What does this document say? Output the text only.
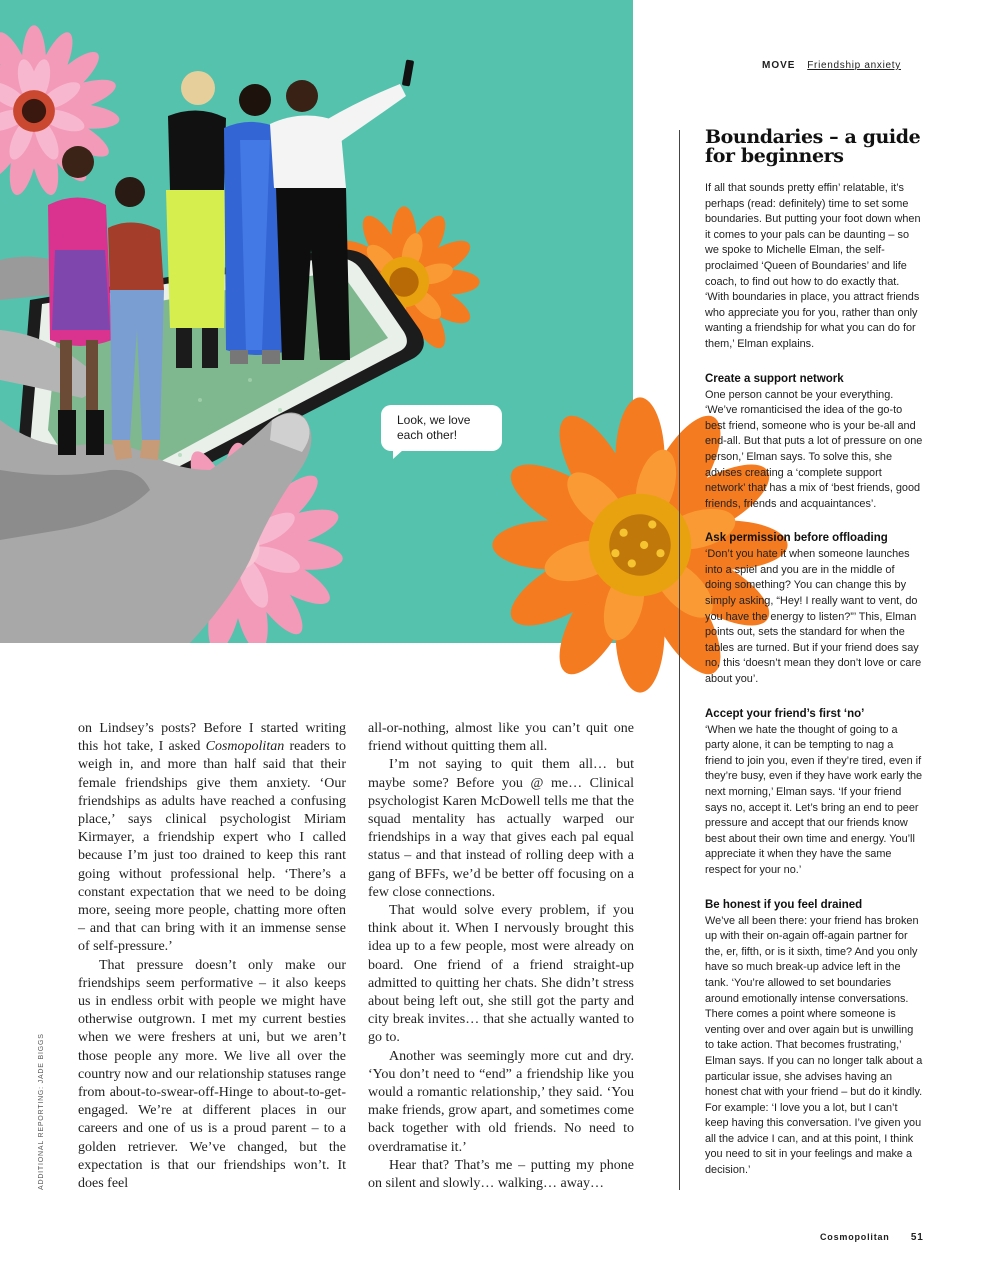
Look, we love each other!
MOVE Friendship anxiety

on Lindsey’s posts? Before I started writing this hot take, I asked Cosmopolitan readers to weigh in, and more than half said that their female friendships give them anxiety. ‘Our friendships as adults have reached a confusing place,’ says clinical psychologist Miriam Kirmayer, a friendship expert who I called because I’m just too drained to keep this rant going without professional help. ‘There’s a constant expectation that we need to be doing more, seeing more people, chatting more often – and that can bring with it an immense sense of self-pressure.’

That pressure doesn’t only make our friendships seem performative – it also keeps us in endless orbit with people we might have otherwise outgrown. I met my current besties when we were freshers at uni, but we aren’t those people any more. We live all over the country now and our relationship statuses range from about-to-swear-off-Hinge to about-to-get-engaged. We’re at different places in our careers and one of us is a proud parent – to a golden retriever. We’ve changed, but the expectation is that our friendships won’t. It does feel

all-or-nothing, almost like you can’t quit one friend without quitting them all.

I’m not saying to quit them all… but maybe some? Before you @ me… Clinical psychologist Karen McDowell tells me that the squad mentality has actually warped our friendships in a way that gives each pal equal status – and that instead of rolling deep with a gang of BFFs, we’d be better off focusing on a few close connections.

That would solve every problem, if you think about it. When I nervously brought this idea up to a few people, most were already on board. One friend of a friend straight-up admitted to quitting her chats. She didn’t stress about being left out, she still got the party and city break invites… that she actually wanted to go to.

Another was seemingly more cut and dry. ‘You don’t need to “end” a friendship like you would a romantic relationship,’ they said. ‘You make friends, grow apart, and sometimes come back together with old friends. No need to overdramatise it.’

Hear that? That’s me – putting my phone on silent and slowly… walking… away…

ADDITIONAL REPORTING: JADE BIGGS
Boundaries – a guide for beginners

If all that sounds pretty effin’ relatable, it’s perhaps (read: definitely) time to set some boundaries. But putting your foot down when it comes to your pals can be daunting – so we spoke to Michelle Elman, the self-proclaimed ‘Queen of Boundaries’ and life coach, to find out how to do exactly that. ‘With boundaries in place, you attract friends who appreciate you for you, rather than only wanting a friendship for what you can do for them,’ Elman explains.

Create a support network

One person cannot be your everything. ‘We’ve romanticised the idea of the go-to best friend, someone who is your be-all and end-all. But that puts a lot of pressure on one person,’ Elman says. To solve this, she advises creating a ‘complete support network’ that has a mix of ‘best friends, good friends, friends and acquaintances’.

Ask permission before offloading

‘Don’t you hate it when someone launches into a spiel and you are in the middle of doing something? You can change this by simply asking, “Hey! I really want to vent, do you have the energy to listen?”’ This, Elman points out, sets the standard for when the tables are turned. But if your friend does say no, this ‘doesn’t mean they don’t love or care about you’.

Accept your friend’s first ‘no’

‘When we hate the thought of going to a party alone, it can be tempting to nag a friend to join you, even if they’re tired, even if they’re busy, even if they have work early the next morning,’ Elman says. ‘If your friend says no, accept it. Let’s bring an end to peer pressure and accept that our friends know best about their own time and energy. You’ll appreciate it when they have the same respect for your no.’

Be honest if you feel drained

We’ve all been there: your friend has broken up with their on-again off-again partner for the, er, fifth, or is it sixth, time? And you only have so much break-up advice left in the tank. ‘You’re allowed to set boundaries around emotionally intense conversations. There comes a point where someone is venting over and over again but is unwilling to take action. That becomes frustrating,’ Elman says. If you can no longer talk about a particular issue, she advises having an honest chat with your friend – but do it kindly. For example: ‘I love you a lot, but I can’t keep having this conversation. I’ve given you all the advice I can, and at this point, I think you need to sit in your feelings and make a decision.’

Cosmopolitan 51
